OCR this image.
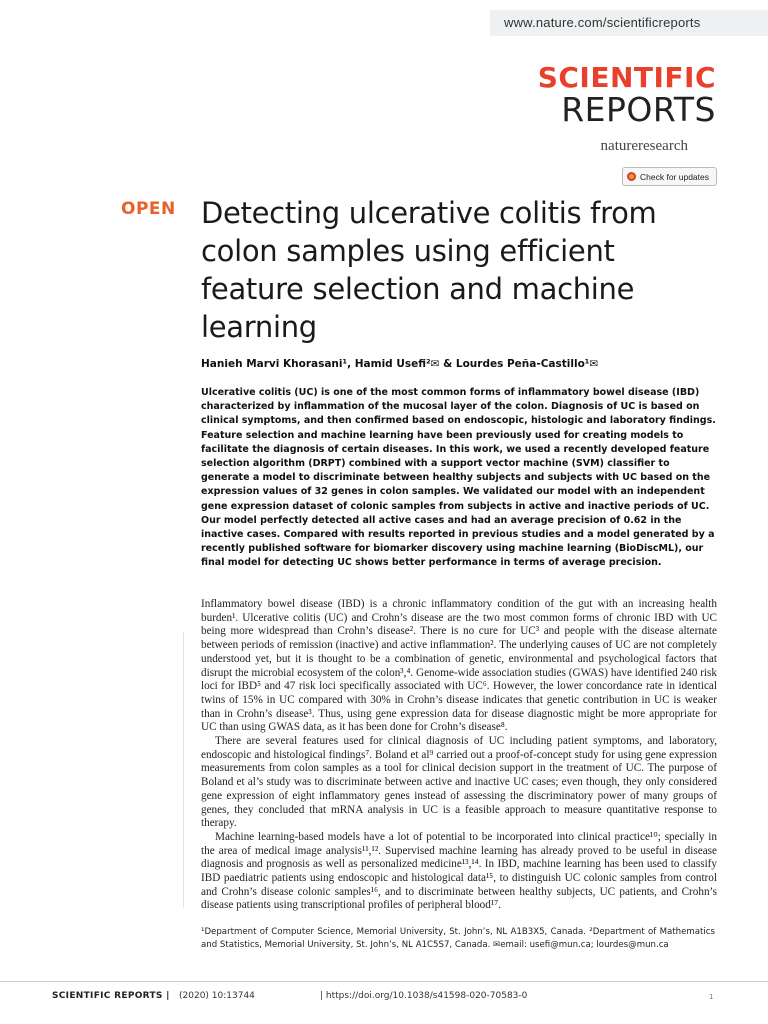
www.nature.com/scientificreports
SCIENTIFIC
REPORTS
natureresearch
Check for updates
OPEN Detecting ulcerative colitis from colon samples using efficient feature selection and machine learning
Hanieh Marvi Khorasani¹, Hamid Usefi²✉ & Lourdes Peña-Castillo¹✉
Ulcerative colitis (UC) is one of the most common forms of inflammatory bowel disease (IBD) characterized by inflammation of the mucosal layer of the colon. Diagnosis of UC is based on clinical symptoms, and then confirmed based on endoscopic, histologic and laboratory findings. Feature selection and machine learning have been previously used for creating models to facilitate the diagnosis of certain diseases. In this work, we used a recently developed feature selection algorithm (DRPT) combined with a support vector machine (SVM) classifier to generate a model to discriminate between healthy subjects and subjects with UC based on the expression values of 32 genes in colon samples. We validated our model with an independent gene expression dataset of colonic samples from subjects in active and inactive periods of UC. Our model perfectly detected all active cases and had an average precision of 0.62 in the inactive cases. Compared with results reported in previous studies and a model generated by a recently published software for biomarker discovery using machine learning (BioDiscML), our final model for detecting UC shows better performance in terms of average precision.

Inflammatory bowel disease (IBD) is a chronic inflammatory condition of the gut with an increasing health burden¹. Ulcerative colitis (UC) and Crohn’s disease are the two most common forms of chronic IBD with UC being more widespread than Crohn’s disease². There is no cure for UC³ and people with the disease alternate between periods of remission (inactive) and active inflammation². The underlying causes of UC are not completely understood yet, but it is thought to be a combination of genetic, environmental and psychological factors that disrupt the microbial ecosystem of the colon³,⁴. Genome-wide association studies (GWAS) have identified 240 risk loci for IBD⁵ and 47 risk loci specifically associated with UC⁶. However, the lower concordance rate in identical twins of 15% in UC compared with 30% in Crohn’s disease indicates that genetic contribution in UC is weaker than in Crohn’s disease³. Thus, using gene expression data for disease diagnostic might be more appropriate for UC than using GWAS data, as it has been done for Crohn’s disease⁸.

There are several features used for clinical diagnosis of UC including patient symptoms, and laboratory, endoscopic and histological findings⁷. Boland et al⁹ carried out a proof-of-concept study for using gene expression measurements from colon samples as a tool for clinical decision support in the treatment of UC. The purpose of Boland et al’s study was to discriminate between active and inactive UC cases; even though, they only considered gene expression of eight inflammatory genes instead of assessing the discriminatory power of many groups of genes, they concluded that mRNA analysis in UC is a feasible approach to measure quantitative response to therapy.

Machine learning-based models have a lot of potential to be incorporated into clinical practice¹⁰; specially in the area of medical image analysis¹¹,¹². Supervised machine learning has already proved to be useful in disease diagnosis and prognosis as well as personalized medicine¹³,¹⁴. In IBD, machine learning has been used to classify IBD paediatric patients using endoscopic and histological data¹⁵, to distinguish UC colonic samples from control and Crohn’s disease colonic samples¹⁶, and to discriminate between healthy subjects, UC patients, and Crohn’s disease patients using transcriptional profiles of peripheral blood¹⁷.

¹Department of Computer Science, Memorial University, St. John’s, NL A1B3X5, Canada. ²Department of Mathematics and Statistics, Memorial University, St. John’s, NL A1C5S7, Canada. ✉email: usefi@mun.ca; lourdes@mun.ca
SCIENTIFIC REPORTS | (2020) 10:13744	| https://doi.org/10.1038/s41598-020-70583-0	1
